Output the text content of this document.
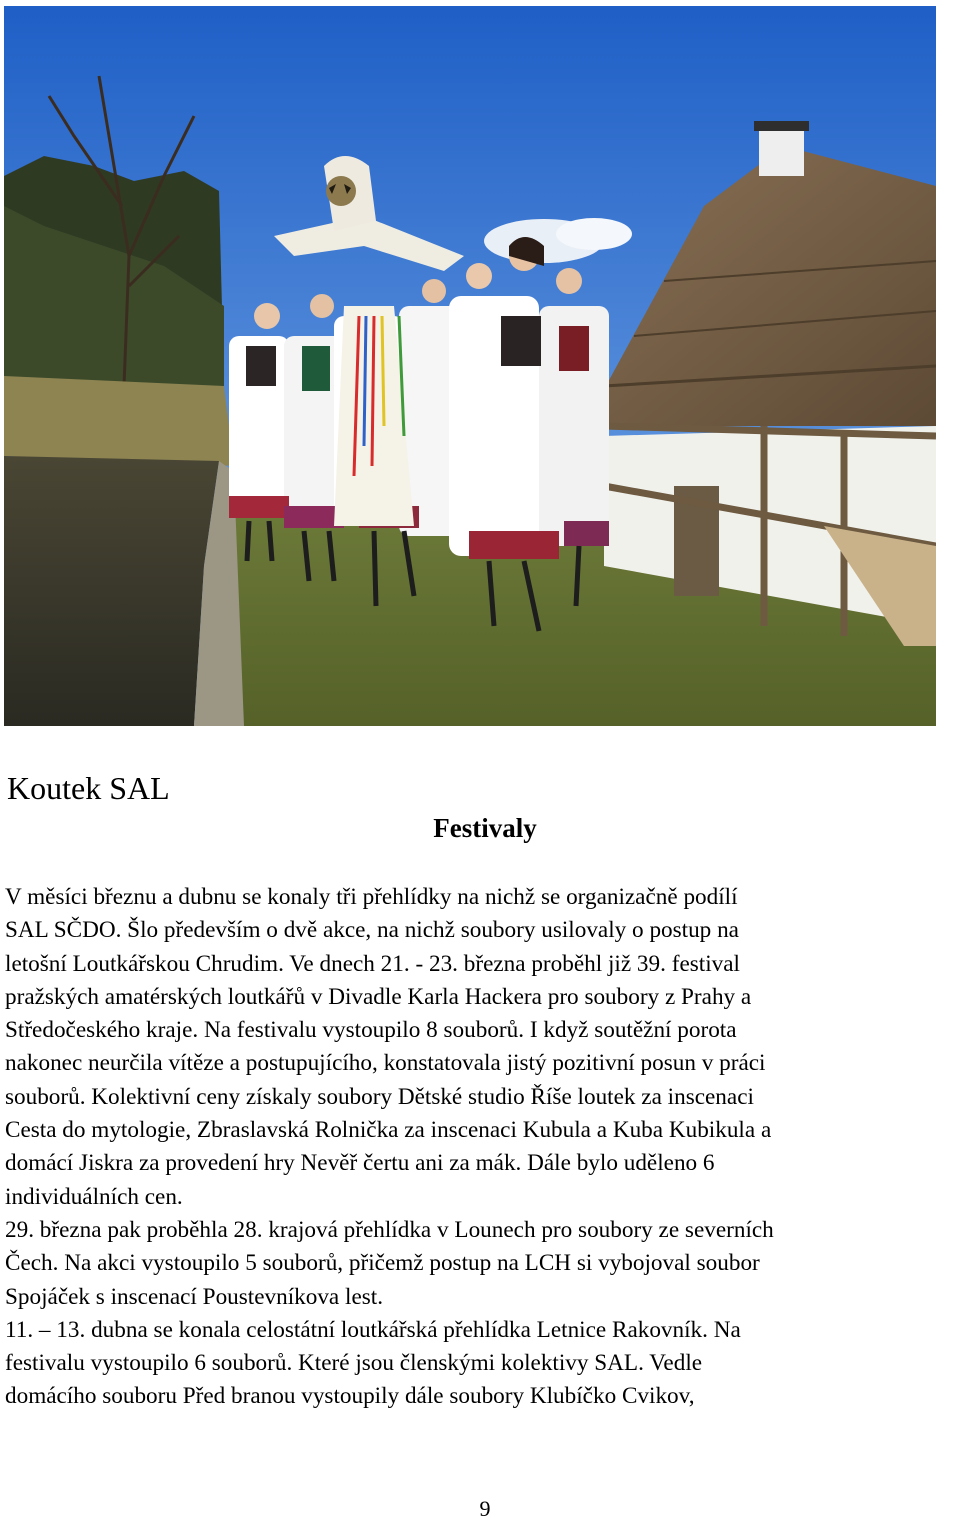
Koutek SAL
Festivaly
V měsíci březnu a dubnu se konaly tři přehlídky na nichž se organizačně podílí
SAL SČDO. Šlo především o dvě akce, na nichž soubory usilovaly o postup na
letošní Loutkářskou Chrudim. Ve dnech 21. - 23. března proběhl již 39. festival
pražských amatérských loutkářů v Divadle Karla Hackera pro soubory z Prahy a
Středočeského kraje. Na festivalu vystoupilo 8 souborů. I když soutěžní porota
nakonec neurčila vítěze a postupujícího, konstatovala jistý pozitivní posun v práci
souborů. Kolektivní ceny získaly soubory Dětské studio Říše loutek za inscenaci
Cesta do mytologie, Zbraslavská Rolnička za inscenaci Kubula a Kuba Kubikula a
domácí Jiskra za provedení hry Nevěř čertu ani za mák. Dále bylo uděleno 6
individuálních cen.
29. března pak proběhla 28. krajová přehlídka v Lounech pro soubory ze severních
Čech. Na akci vystoupilo 5 souborů, přičemž postup na LCH si vybojoval soubor
Spojáček s inscenací Poustevníkova lest.
11. – 13. dubna se konala celostátní loutkářská přehlídka Letnice Rakovník. Na
festivalu vystoupilo 6 souborů. Které jsou členskými kolektivy SAL. Vedle
domácího souboru Před branou vystoupily dále soubory Klubíčko Cvikov,
9
